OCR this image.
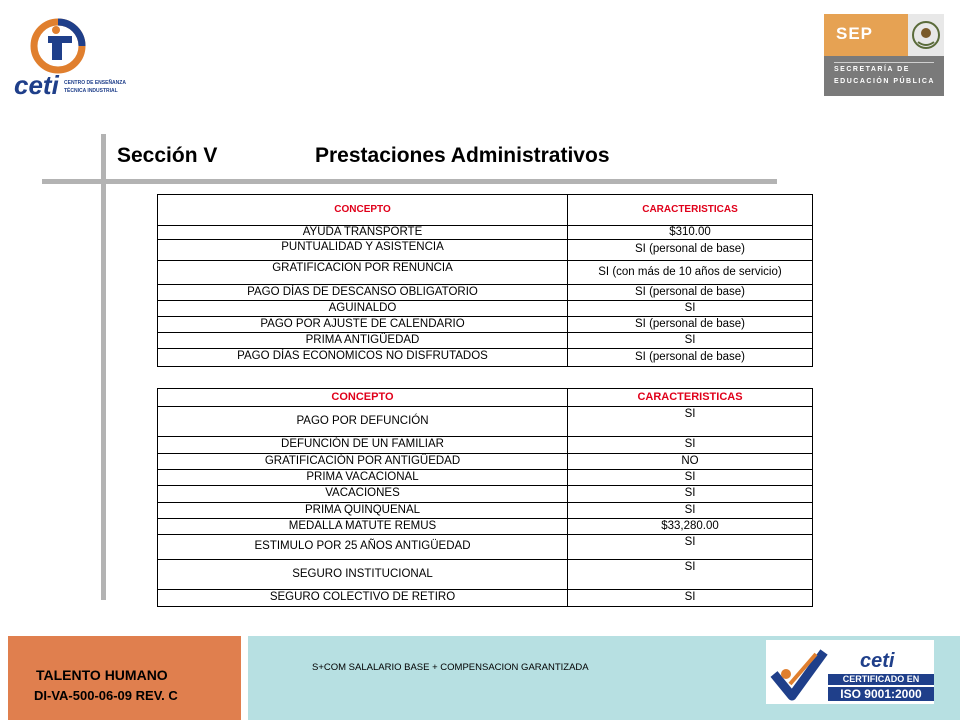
ceti CENTRO DE ENSEÑANZA
TÉCNICA INDUSTRIAL
SEP
SECRETARÍA DE
EDUCACIÓN PÚBLICA
Sección V	Prestaciones Administrativos
CONCEPTO	CARACTERISTICAS
AYUDA TRANSPORTE	$310.00
PUNTUALIDAD Y ASISTENCIA	SI (personal de base)
GRATIFICACION POR RENUNCIA	SI (con más de 10 años de servicio)
PAGO DÍAS DE DESCANSO OBLIGATORIO	SI (personal de base)
AGUINALDO	SI
PAGO POR AJUSTE DE CALENDARIO	SI (personal de base)
PRIMA ANTIGÜEDAD	SI
PAGO DÍAS ECONOMICOS NO DISFRUTADOS	SI (personal de base)
CONCEPTO	CARACTERISTICAS
PAGO POR DEFUNCIÓN	SI
DEFUNCIÓN DE UN FAMILIAR	SI
GRATIFICACIÓN POR ANTIGÜEDAD	NO
PRIMA VACACIONAL	SI
VACACIONES	SI
PRIMA QUINQUENAL	SI
MEDALLA MATUTE REMUS	$33,280.00
ESTIMULO POR 25 AÑOS ANTIGÜEDAD	SI
SEGURO INSTITUCIONAL	SI
SEGURO COLECTIVO DE RETIRO	SI
TALENTO HUMANO
DI-VA-500-06-09 REV. C
S+COM SALALARIO BASE + COMPENSACION GARANTIZADA	ceti
CERTIFICADO EN
ISO 9001:2000
